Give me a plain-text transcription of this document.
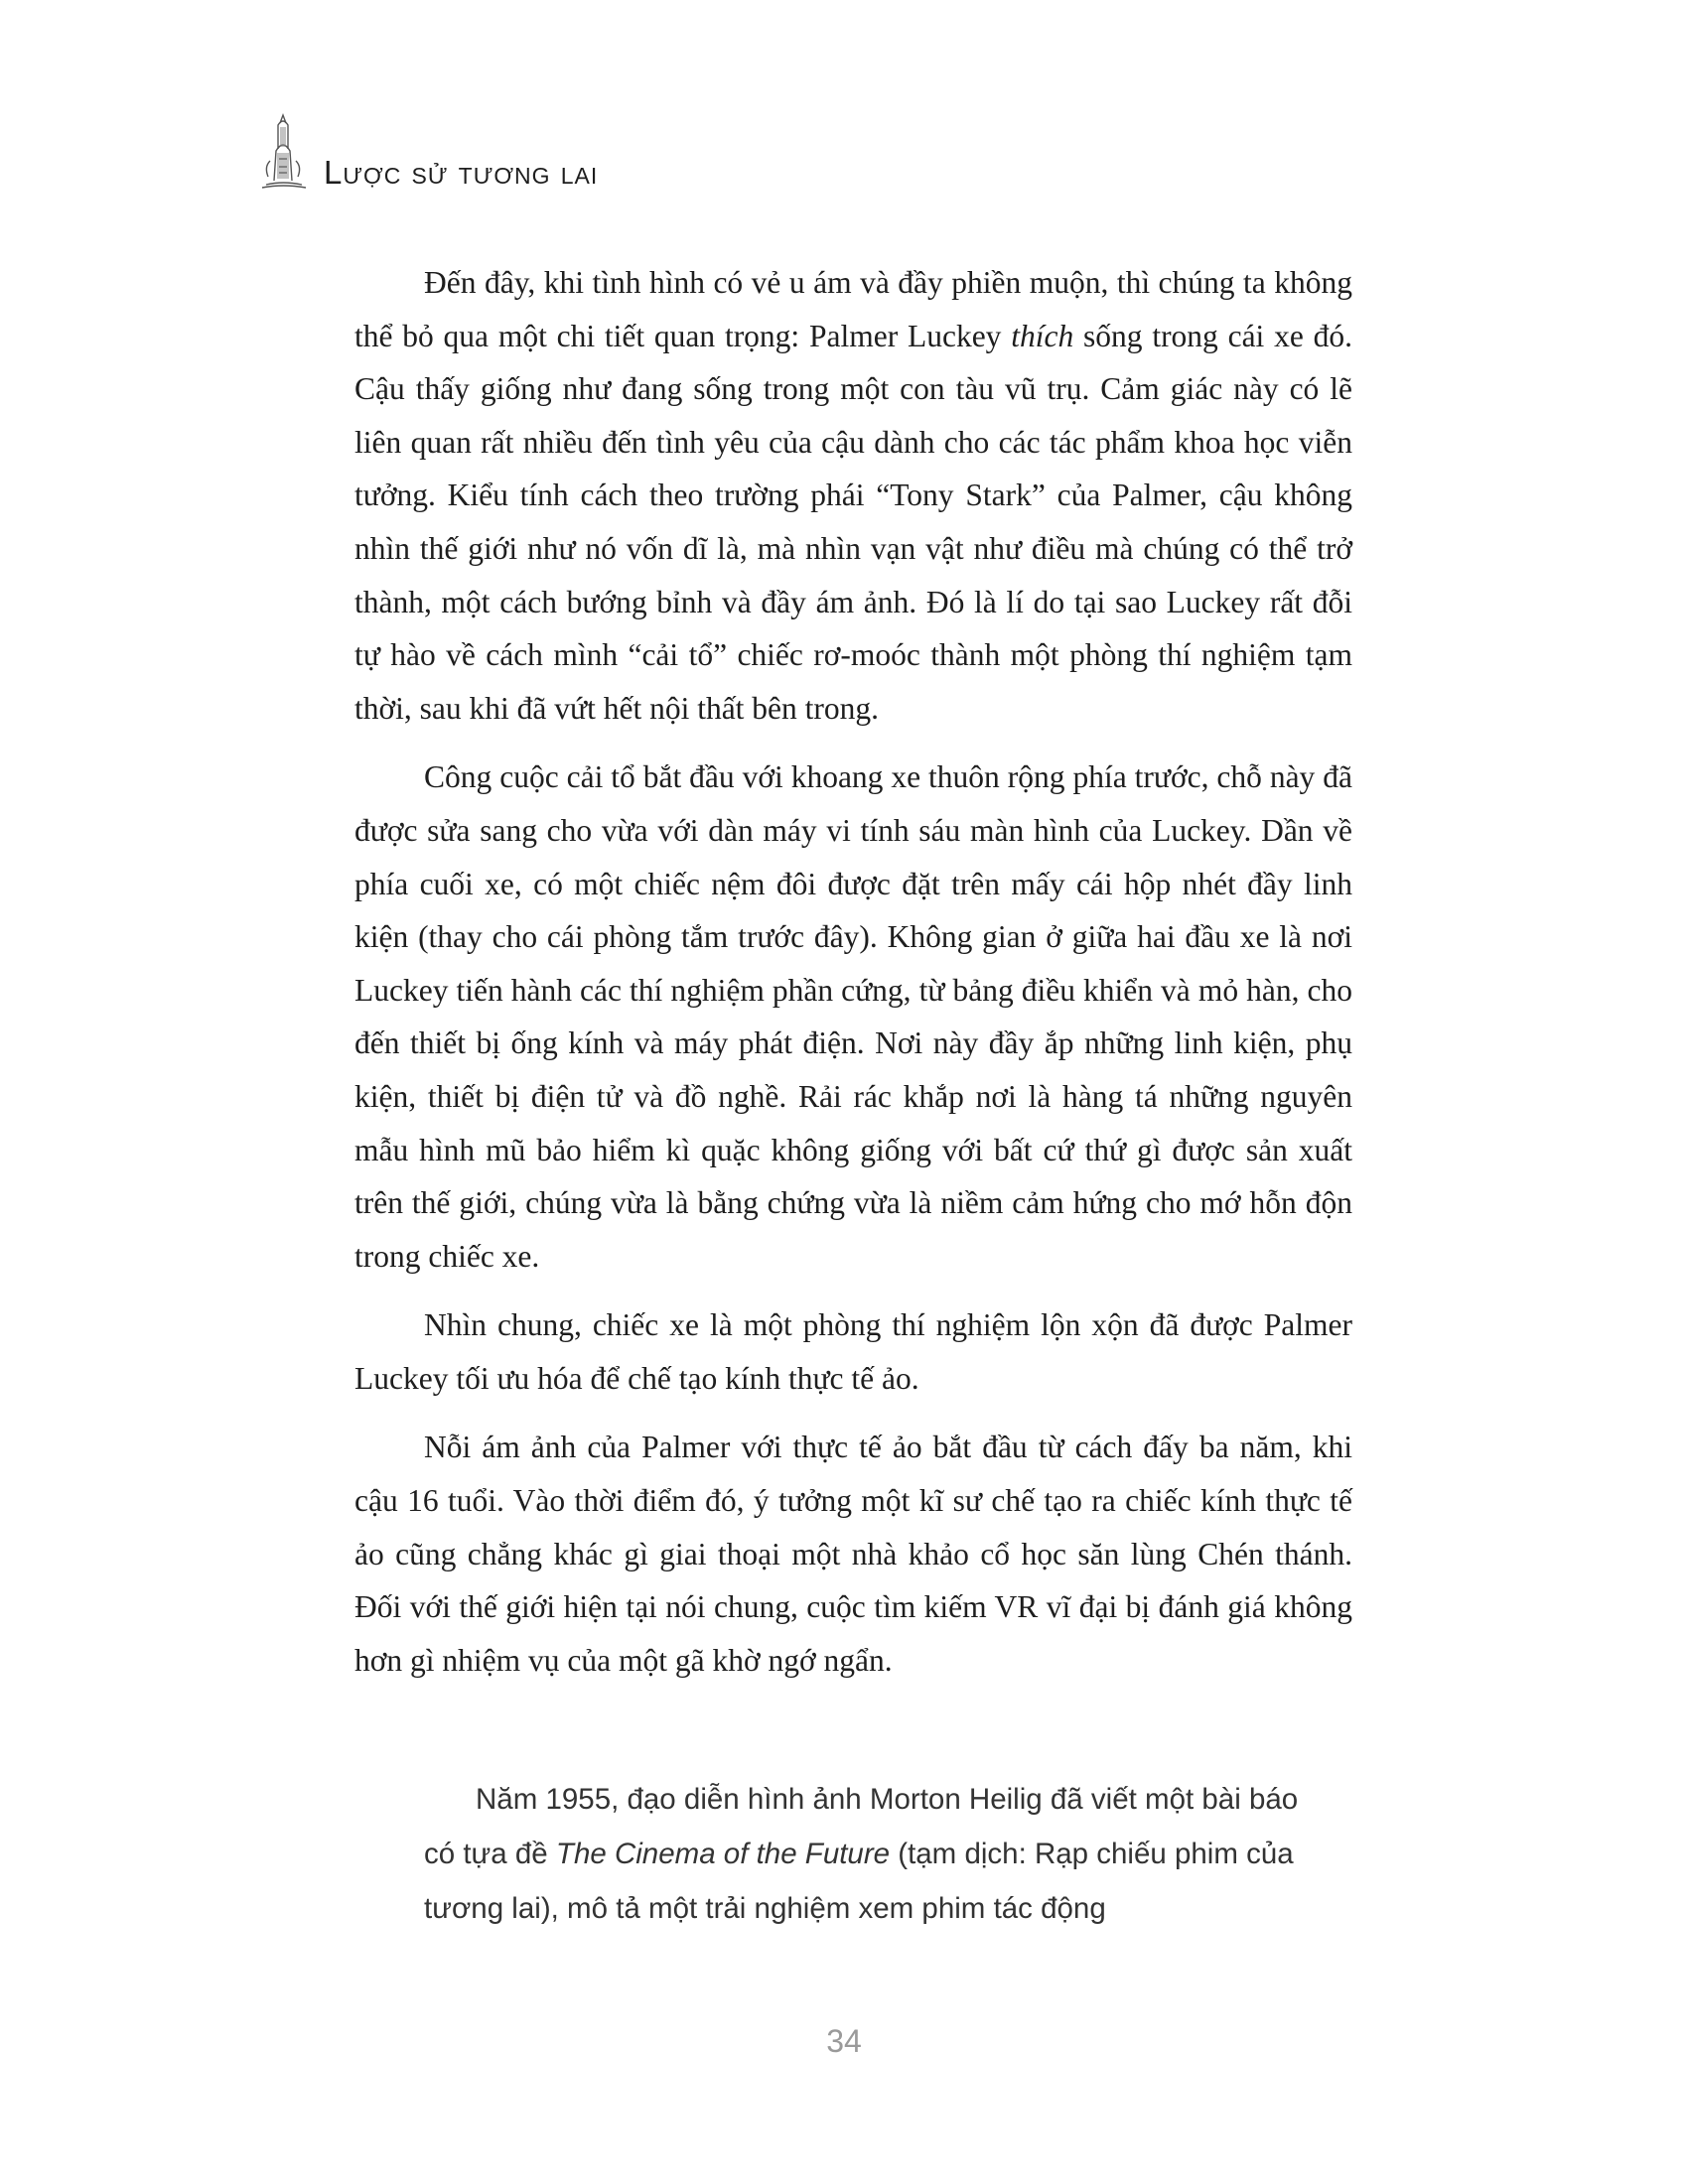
Lược sử tương lai

Đến đây, khi tình hình có vẻ u ám và đầy phiền muộn, thì chúng ta không thể bỏ qua một chi tiết quan trọng: Palmer Luckey thích sống trong cái xe đó. Cậu thấy giống như đang sống trong một con tàu vũ trụ. Cảm giác này có lẽ liên quan rất nhiều đến tình yêu của cậu dành cho các tác phẩm khoa học viễn tưởng. Kiểu tính cách theo trường phái “Tony Stark” của Palmer, cậu không nhìn thế giới như nó vốn dĩ là, mà nhìn vạn vật như điều mà chúng có thể trở thành, một cách bướng bỉnh và đầy ám ảnh. Đó là lí do tại sao Luckey rất đỗi tự hào về cách mình “cải tổ” chiếc rơ-moóc thành một phòng thí nghiệm tạm thời, sau khi đã vứt hết nội thất bên trong.

Công cuộc cải tổ bắt đầu với khoang xe thuôn rộng phía trước, chỗ này đã được sửa sang cho vừa với dàn máy vi tính sáu màn hình của Luckey. Dần về phía cuối xe, có một chiếc nệm đôi được đặt trên mấy cái hộp nhét đầy linh kiện (thay cho cái phòng tắm trước đây). Không gian ở giữa hai đầu xe là nơi Luckey tiến hành các thí nghiệm phần cứng, từ bảng điều khiển và mỏ hàn, cho đến thiết bị ống kính và máy phát điện. Nơi này đầy ắp những linh kiện, phụ kiện, thiết bị điện tử và đồ nghề. Rải rác khắp nơi là hàng tá những nguyên mẫu hình mũ bảo hiểm kì quặc không giống với bất cứ thứ gì được sản xuất trên thế giới, chúng vừa là bằng chứng vừa là niềm cảm hứng cho mớ hỗn độn trong chiếc xe.

Nhìn chung, chiếc xe là một phòng thí nghiệm lộn xộn đã được Palmer Luckey tối ưu hóa để chế tạo kính thực tế ảo.

Nỗi ám ảnh của Palmer với thực tế ảo bắt đầu từ cách đấy ba năm, khi cậu 16 tuổi. Vào thời điểm đó, ý tưởng một kĩ sư chế tạo ra chiếc kính thực tế ảo cũng chẳng khác gì giai thoại một nhà khảo cổ học săn lùng Chén thánh. Đối với thế giới hiện tại nói chung, cuộc tìm kiếm VR vĩ đại bị đánh giá không hơn gì nhiệm vụ của một gã khờ ngớ ngẩn.

Năm 1955, đạo diễn hình ảnh Morton Heilig đã viết một bài báo có tựa đề The Cinema of the Future (tạm dịch: Rạp chiếu phim của tương lai), mô tả một trải nghiệm xem phim tác động

34
